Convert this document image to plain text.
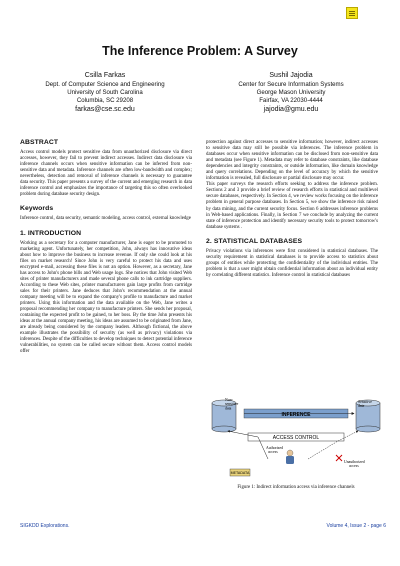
The Inference Problem: A Survey
Csilla Farkas
Dept. of Computer Science and Engineering
University of South Carolina
Columbia, SC 29208
farkas@cse.sc.edu
Sushil Jajodia
Center for Secure Information Systems
George Mason University
Fairfax, VA 22030-4444
jajodia@gmu.edu
ABSTRACT

Access control models protect sensitive data from unauthorized disclosure via direct accesses, however, they fail to prevent indirect accesses. Indirect data disclosure via inference channels occurs when sensitive information can be inferred from non-sensitive data and metadata. Inference channels are often low-bandwidth and complex; nevertheless, detection and removal of inference channels is necessary to guarantee data security. This paper presents a survey of the current and emerging research in data inference control and emphasizes the importance of targeting this so often overlooked problem during database security design.

Keywords

Inference control, data security, semantic modeling, access control, external knowledge

1. INTRODUCTION

Working as a secretary for a computer manufacturer, Jane is eager to be promoted to marketing agent. Unfortunately, her competition, John, always has innovative ideas about how to improve the business to increase revenue. If only she could look at his files on market research! Since John is very careful to protect his data and uses encrypted e-mail, accessing these files is not an option. However, as a secretary, Jane has access to John's phone bills and Web usage logs. She notices that John visited Web sites of printer manufacturers and made several phone calls to ink cartridge suppliers. According to these Web sites, printer manufacturers gain large profits from cartridge sales for their printers. Jane deduces that John's recommendation at the annual company meeting will be to expand the company's profile to manufacture and market printers. Using this information and the data available on the Web, Jane writes a proposal recommending her company to manufacture printers. She sends her proposal, containing the expected profit to be gained, to her boss. By the time John presents his ideas at the annual company meeting, his ideas are assumed to be originated from Jane, are already being considered by the company leaders. Although fictional, the above example illustrates the possibility of security (as well as privacy) violations via inferences. Despite of the difficulties to develop techniques to detect potential inference vulnerabilities, no system can be called secure without them. Access control models offer

protection against direct accesses to sensitive information; however, indirect accesses to sensitive data may still be possible via inferences. The inference problem in databases occur when sensitive information can be disclosed from non-sensitive data and metadata (see Figure 1). Metadata may refer to database constraints, like database dependencies and integrity constraints, or outside information, like domain knowledge and query correlations. Depending on the level of accuracy by which the sensitive information is revealed, full disclosure or partial disclosure may occur.

This paper surveys the research efforts seeking to address the inference problem. Sections 2 and 3 provide a brief review of research efforts in statistical and multilevel secure databases, respectively. In Section 4, we review works focusing on the inference problem in general purpose databases. In Section 5, we show the inference risk raised by data mining, and the current security focus. Section 6 addresses inference problems in Web-based applications. Finally, in Section 7 we conclude by analyzing the current state of inference protection and identify necessary security tools to protect tomorrow's database systems .

2. STATISTICAL DATABASES

Privacy violations via inferences were first considered in statistical databases. The security requirement in statistical databases is to provide access to statistics about groups of entities while protecting the confidentiality of the individual entities. The problem is that a user might obtain confidential information about an individual entity by correlating different statistics. Inference control in statistical databases

INFERENCE
ACCESS CONTROL
METADATA
Non- sensitive data
Sensitive data
Authorized access
Unauthorized access
Figure 1: Indirect information access via inference channels
SIGKDD Explorations.	Volume 4, Issue 2 - page 6
